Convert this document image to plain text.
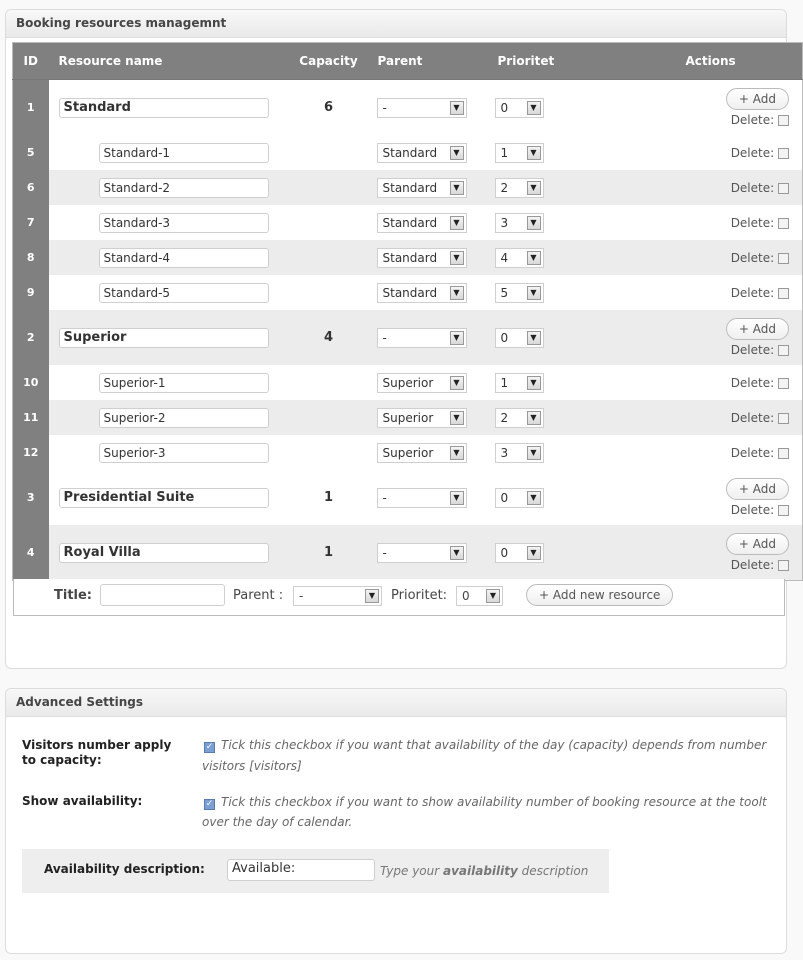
Booking resources managemnt
ID	Resource name	Capacity	Parent	Prioritet	Actions
1	Standard	6	- ▼	0 ▼	+ Add
Delete:

5	Standard-1		Standard ▼	1 ▼	Delete:

6	Standard-2		Standard ▼	2 ▼	Delete:

7	Standard-3		Standard ▼	3 ▼	Delete:

8	Standard-4		Standard ▼	4 ▼	Delete:

9	Standard-5		Standard ▼	5 ▼	Delete:

2	Superior	4	- ▼	0 ▼	+ Add
Delete:

10	Superior-1		Superior ▼	1 ▼	Delete:

11	Superior-2		Superior ▼	2 ▼	Delete:

12	Superior-3		Superior ▼	3 ▼	Delete:

3	Presidential Suite	1	- ▼	0 ▼	+ Add
Delete:

4	Royal Villa	1	- ▼	0 ▼	+ Add
Delete:
Title:	Parent :	-	▼	Prioritet:	0	▼	+ Add new resource
Advanced Settings
Visitors number apply
to capacity:
✓ Tick this checkbox if you want that availability of the day (capacity) depends from number
visitors [visitors]
Show availability:	✓ Tick this checkbox if you want to show availability number of booking resource at the toolt
over the day of calendar.
Availability description:	Available:	Type your availability description
